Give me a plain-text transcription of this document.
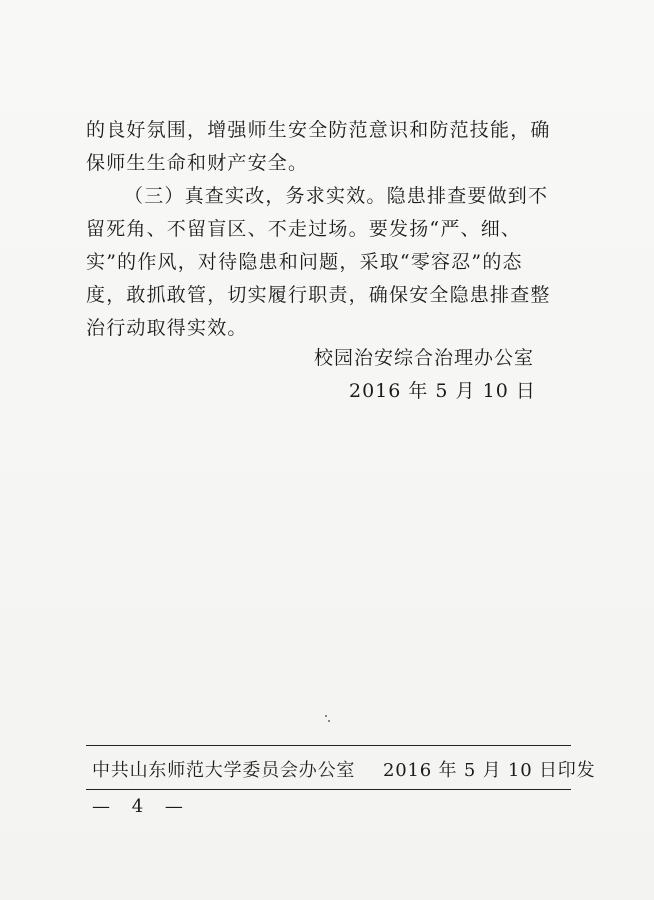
的良好氛围，增强师生安全防范意识和防范技能，确保师生生命和财产安全。

（三）真查实改，务求实效。隐患排查要做到不留死角、不留盲区、不走过场。要发扬“严、细、实”的作风，对待隐患和问题，采取“零容忍”的态度，敢抓敢管，切实履行职责，确保安全隐患排查整治行动取得实效。

校园治安综合治理办公室
2016 年 5 月 10 日
中共山东师范大学委员会办公室 2016 年 5 月 10 日印发
— 4 —
